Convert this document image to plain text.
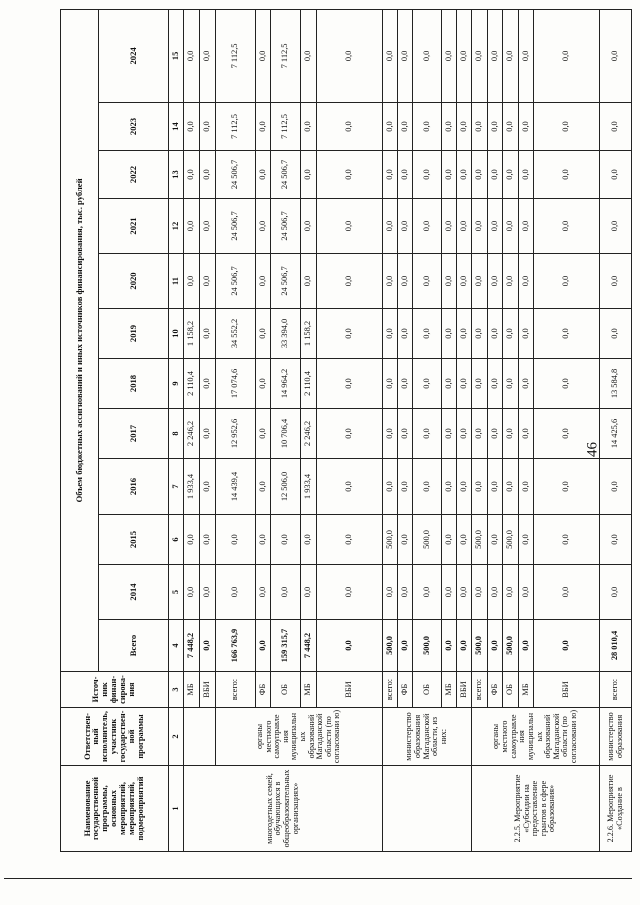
46
Наименование государственной программы, основных мероприятий, мероприятий, подмероприятий	Ответствен-ный исполнитель, участник государствен-ной программы	Источ-ник финан-сирова-ния	Объем бюджетных ассигнований и иных источников финансирования, тыс. рублей											
			Всего	2014	2015	2016	2017	2018	2019	2020	2021	2022	2023	2024
1	2	3	4	5	6	7	8	9	10	11	12	13	14	15
многодетных семей, обучающихся в общеобразовательных организациях»		МБ	7 448,2	0,0	0,0	1 933,4	2 246,2	2 110,4	1 158,2	0,0	0,0	0,0	0,0	0,0
		ВБИ	0,0	0,0	0,0	0,0	0,0	0,0	0,0	0,0	0,0	0,0	0,0	0,0
	органы местного самоуправле ния муниципальн ых образований Магаданской области (по согласовани ю)	всего:	166 763,9	0,0	0,0	14 439,4	12 952,6	17 074,6	34 552,2	24 506,7	24 506,7	24 506,7	7 112,5	7 112,5
		ФБ	0,0	0,0	0,0	0,0	0,0	0,0	0,0	0,0	0,0	0,0	0,0	0,0
		ОБ	159 315,7	0,0	0,0	12 506,0	10 706,4	14 964,2	33 394,0	24 506,7	24 506,7	24 506,7	7 112,5	7 112,5
		МБ	7 448,2	0,0	0,0	1 933,4	2 246,2	2 110,4	1 158,2	0,0	0,0	0,0	0,0	0,0
		ВБИ	0,0	0,0	0,0	0,0	0,0	0,0	0,0	0,0	0,0	0,0	0,0	0,0
	министерство образования Магаданской области, из них:	всего:	500,0	0,0	500,0	0,0	0,0	0,0	0,0	0,0	0,0	0,0	0,0	0,0
		ФБ	0,0	0,0	0,0	0,0	0,0	0,0	0,0	0,0	0,0	0,0	0,0	0,0
		ОБ	500,0	0,0	500,0	0,0	0,0	0,0	0,0	0,0	0,0	0,0	0,0	0,0
		МБ	0,0	0,0	0,0	0,0	0,0	0,0	0,0	0,0	0,0	0,0	0,0	0,0
		ВБИ	0,0	0,0	0,0	0,0	0,0	0,0	0,0	0,0	0,0	0,0	0,0	0,0
2.2.5. Мероприятие «Субсидии на предоставление грантов в сфере образования»	органы местного самоуправле ния муниципальн ых образований Магаданской области (по согласовани ю)	всего:	500,0	0,0	500,0	0,0	0,0	0,0	0,0	0,0	0,0	0,0	0,0	0,0
		ФБ	0,0	0,0	0,0	0,0	0,0	0,0	0,0	0,0	0,0	0,0	0,0	0,0
		ОБ	500,0	0,0	500,0	0,0	0,0	0,0	0,0	0,0	0,0	0,0	0,0	0,0
		МБ	0,0	0,0	0,0	0,0	0,0	0,0	0,0	0,0	0,0	0,0	0,0	0,0
		ВБИ	0,0	0,0	0,0	0,0	0,0	0,0	0,0	0,0	0,0	0,0	0,0	0,0
2.2.6. Мероприятие «Создание в	министерство образования	всего:	28 010,4	0,0	0,0	0,0	14 425,6	13 584,8	0,0	0,0	0,0	0,0	0,0	0,0
